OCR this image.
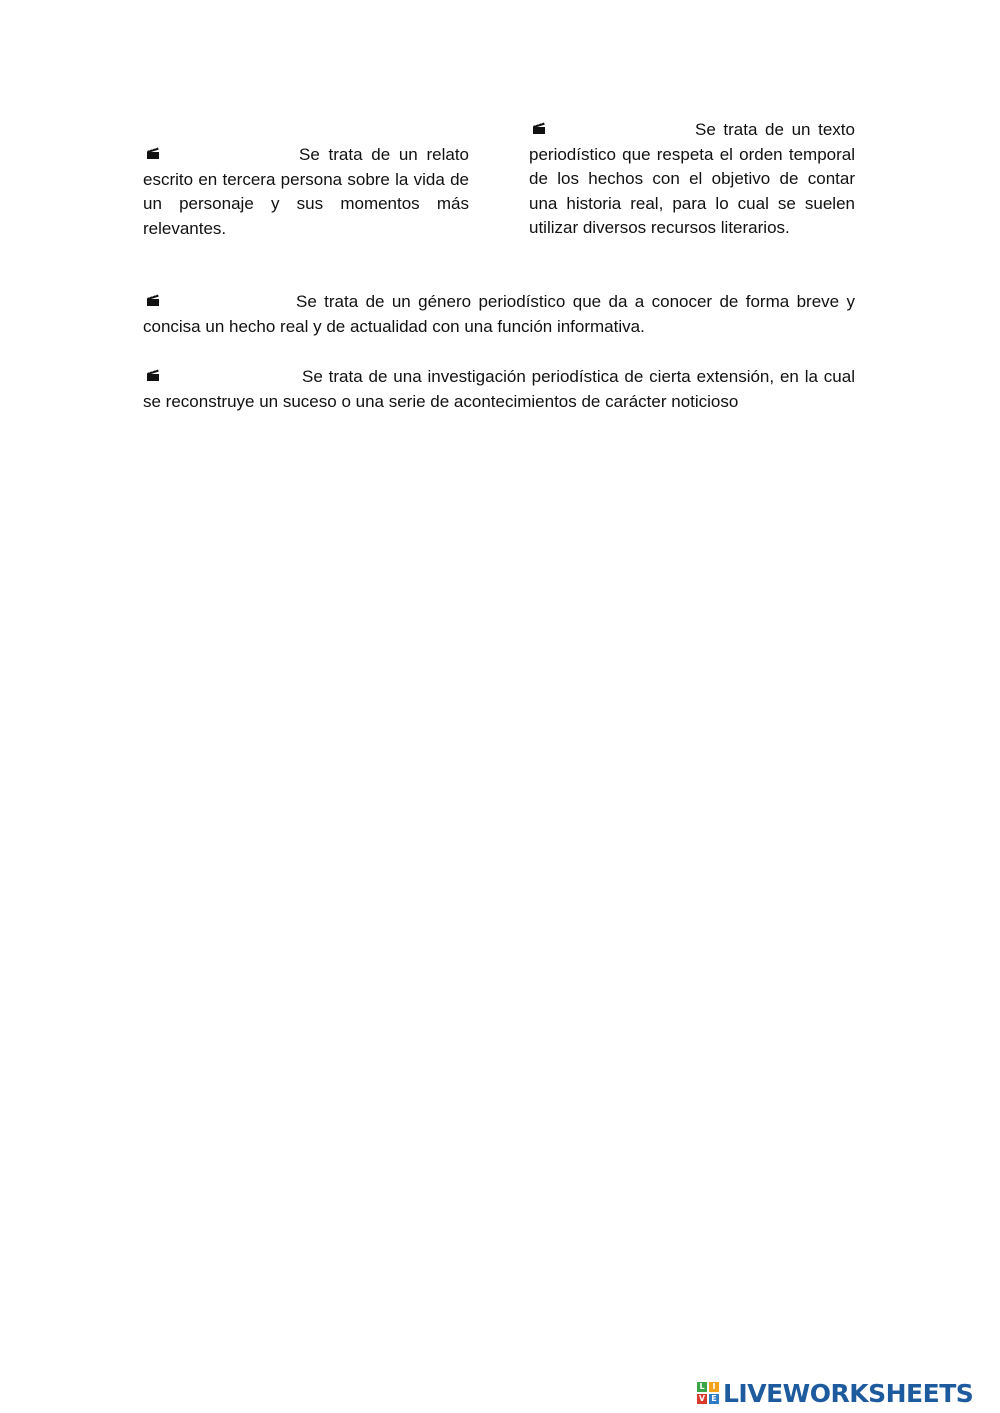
Se trata de un relato escrito en tercera persona sobre la vida de un personaje y sus momentos más relevantes.

Se trata de un texto periodístico que respeta el orden temporal de los hechos con el objetivo de contar una historia real, para lo cual se suelen utilizar diversos recursos literarios.

Se trata de un género periodístico que da a conocer de forma breve y concisa un hecho real y de actualidad con una función informativa.

Se trata de una investigación periodística de cierta extensión, en la cual se reconstruye un suceso o una serie de acontecimientos de carácter noticioso

L I
V E LIVEWORKSHEETS
